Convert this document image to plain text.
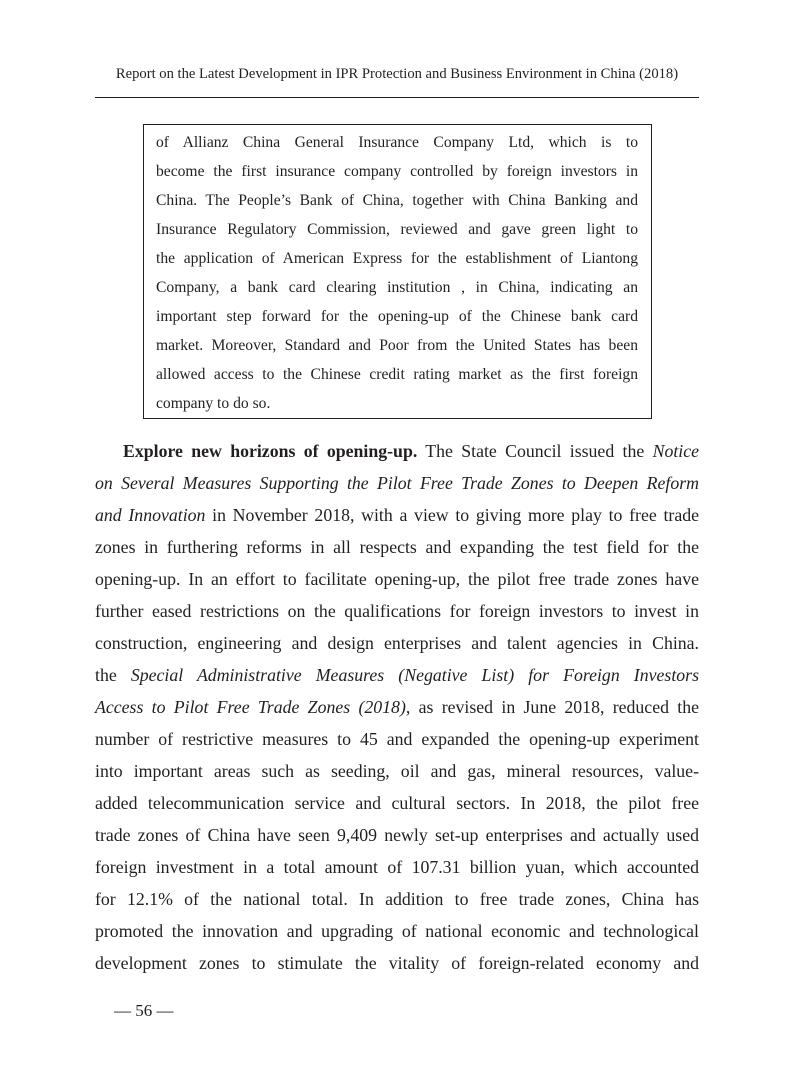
Report on the Latest Development in IPR Protection and Business Environment in China (2018)
of Allianz China General Insurance Company Ltd, which is to
become the first insurance company controlled by foreign investors in
China. The People’s Bank of China, together with China Banking and
Insurance Regulatory Commission, reviewed and gave green light to
the application of American Express for the establishment of Liantong
Company, a bank card clearing institution , in China, indicating an
important step forward for the opening-up of the Chinese bank card
market. Moreover, Standard and Poor from the United States has been
allowed access to the Chinese credit rating market as the first foreign
company to do so.
Explore new horizons of opening-up. The State Council issued the Notice
on Several Measures Supporting the Pilot Free Trade Zones to Deepen Reform
and Innovation in November 2018, with a view to giving more play to free trade
zones in furthering reforms in all respects and expanding the test field for the
opening-up. In an effort to facilitate opening-up, the pilot free trade zones have
further eased restrictions on the qualifications for foreign investors to invest in
construction, engineering and design enterprises and talent agencies in China.
the Special Administrative Measures (Negative List) for Foreign Investors
Access to Pilot Free Trade Zones (2018), as revised in June 2018, reduced the
number of restrictive measures to 45 and expanded the opening-up experiment
into important areas such as seeding, oil and gas, mineral resources, value-
added telecommunication service and cultural sectors. In 2018, the pilot free
trade zones of China have seen 9,409 newly set-up enterprises and actually used
foreign investment in a total amount of 107.31 billion yuan, which accounted
for 12.1% of the national total. In addition to free trade zones, China has
promoted the innovation and upgrading of national economic and technological
development zones to stimulate the vitality of foreign-related economy and
— 56 —
